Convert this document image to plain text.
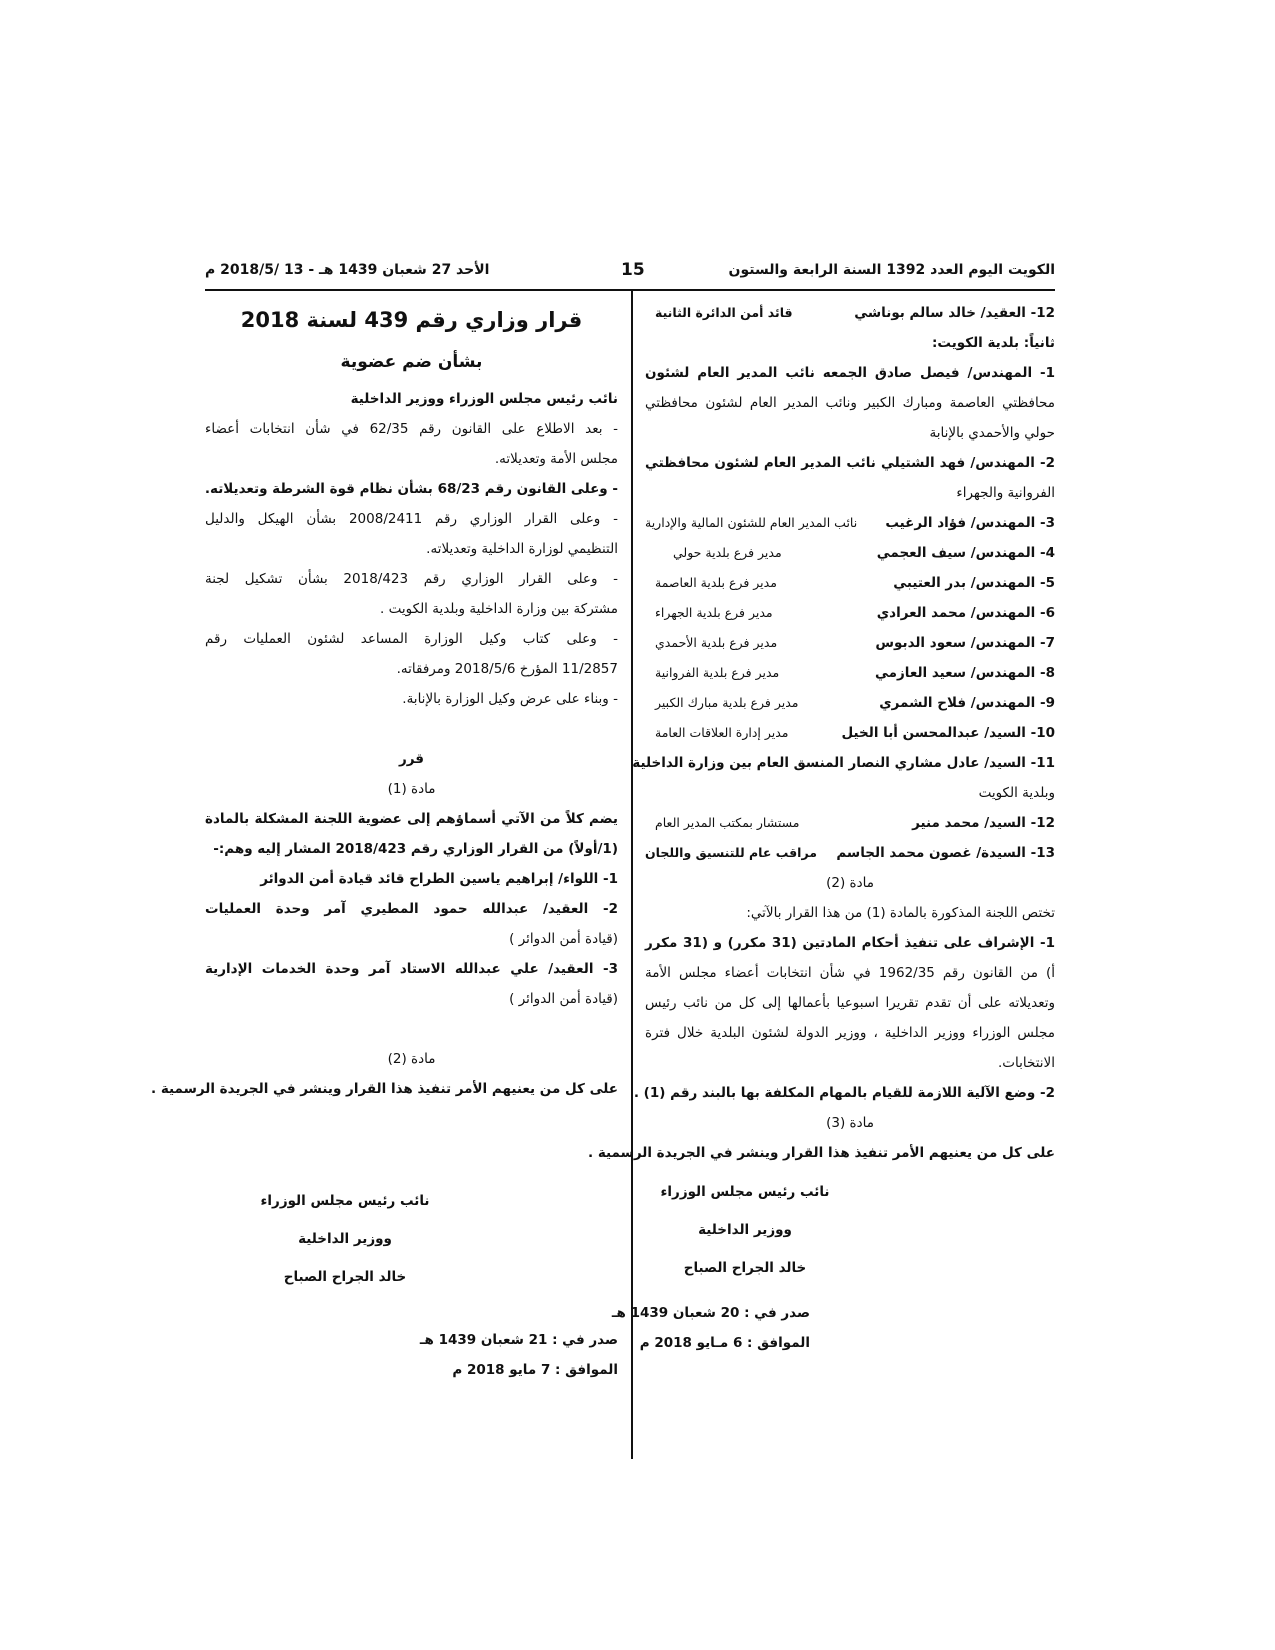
الأحد 27 شعبان 1439 هـ - 13 /2018/5 م	15	الكويت اليوم العدد 1392 السنة الرابعة والستون
12- العقيد/ خالد سالم بوناشي
قائد أمن الدائرة الثانية
ثانياً: بلدية الكويت:
1- المهندس/ فيصل صادق الجمعه نائب المدير العام لشئون
محافظتي العاصمة ومبارك الكبير ونائب المدير العام لشئون محافظتي
حولي والأحمدي بالإنابة
2- المهندس/ فهد الشتيلي نائب المدير العام لشئون محافظتي
الفروانية والجهراء
3- المهندس/ فؤاد الرغيب
نائب المدير العام للشئون المالية والإدارية
4- المهندس/ سيف العجمي
مدير فرع بلدية حولي
5- المهندس/ بدر العتيبي
مدير فرع بلدية العاصمة
6- المهندس/ محمد العرادي
مدير فرع بلدية الجهراء
7- المهندس/ سعود الدبوس
مدير فرع بلدية الأحمدي
8- المهندس/ سعيد العازمي
مدير فرع بلدية الفروانية
9- المهندس/ فلاح الشمري
مدير فرع بلدية مبارك الكبير
10- السيد/ عبدالمحسن أبا الخيل
مدير إدارة العلاقات العامة
11- السيد/ عادل مشاري النصار المنسق العام بين وزارة الداخلية
وبلدية الكويت
12- السيد/ محمد منير
مستشار بمكتب المدير العام
13- السيدة/ غصون محمد الجاسم
مراقب عام للتنسيق واللجان
مادة (2)
تختص اللجنة المذكورة بالمادة (1) من هذا القرار بالآتي:
1- الإشراف على تنفيذ أحكام المادتين (31 مكرر) و (31 مكرر
أ) من القانون رقم 1962/35 في شأن انتخابات أعضاء مجلس الأمة
وتعديلاته على أن تقدم تقريرا اسبوعيا بأعمالها إلى كل من نائب رئيس
مجلس الوزراء ووزير الداخلية ، ووزير الدولة لشئون البلدية خلال فترة
الانتخابات.
2- وضع الآلية اللازمة للقيام بالمهام المكلفة بها بالبند رقم (1) .
مادة (3)
على كل من يعنيهم الأمر تنفيذ هذا القرار وينشر في الجريدة الرسمية .
نائب رئيس مجلس الوزراء
ووزير الداخلية
خالد الجراح الصباح
صدر في : 20 شعبان 1439 هـ
الموافق : 6 مـايو 2018 م
قرار وزاري رقم 439 لسنة 2018
بشأن ضم عضوية
نائب رئيس مجلس الوزراء ووزير الداخلية
- بعد الاطلاع على القانون رقم 62/35 في شأن انتخابات أعضاء
مجلس الأمة وتعديلاته.
- وعلى القانون رقم 68/23 بشأن نظام قوة الشرطة وتعديلاته.
- وعلى القرار الوزاري رقم 2008/2411 بشأن الهيكل والدليل
التنظيمي لوزارة الداخلية وتعديلاته.
- وعلى القرار الوزاري رقم 2018/423 بشأن تشكيل لجنة
مشتركة بين وزارة الداخلية وبلدية الكويت .
- وعلى كتاب وكيل الوزارة المساعد لشئون العمليات رقم
11/2857 المؤرخ 2018/5/6 ومرفقاته.
- وبناء على عرض وكيل الوزارة بالإنابة.
قرر
مادة (1)
يضم كلاً من الآتي أسماؤهم إلى عضوية اللجنة المشكلة بالمادة
(1/أولاً) من القرار الوزاري رقم 2018/423 المشار إليه وهم:-
1- اللواء/ إبراهيم ياسين الطراح قائد قيادة أمن الدوائر
2- العقيد/ عبدالله حمود المطيري آمر وحدة العمليات
(قيادة أمن الدوائر )
3- العقيد/ علي عبدالله الاستاد آمر وحدة الخدمات الإدارية
(قيادة أمن الدوائر )
مادة (2)
على كل من يعنيهم الأمر تنفيذ هذا القرار وينشر في الجريدة الرسمية .
نائب رئيس مجلس الوزراء
ووزير الداخلية
خالد الجراح الصباح
صدر في : 21 شعبان 1439 هـ
الموافق : 7 مايو 2018 م
